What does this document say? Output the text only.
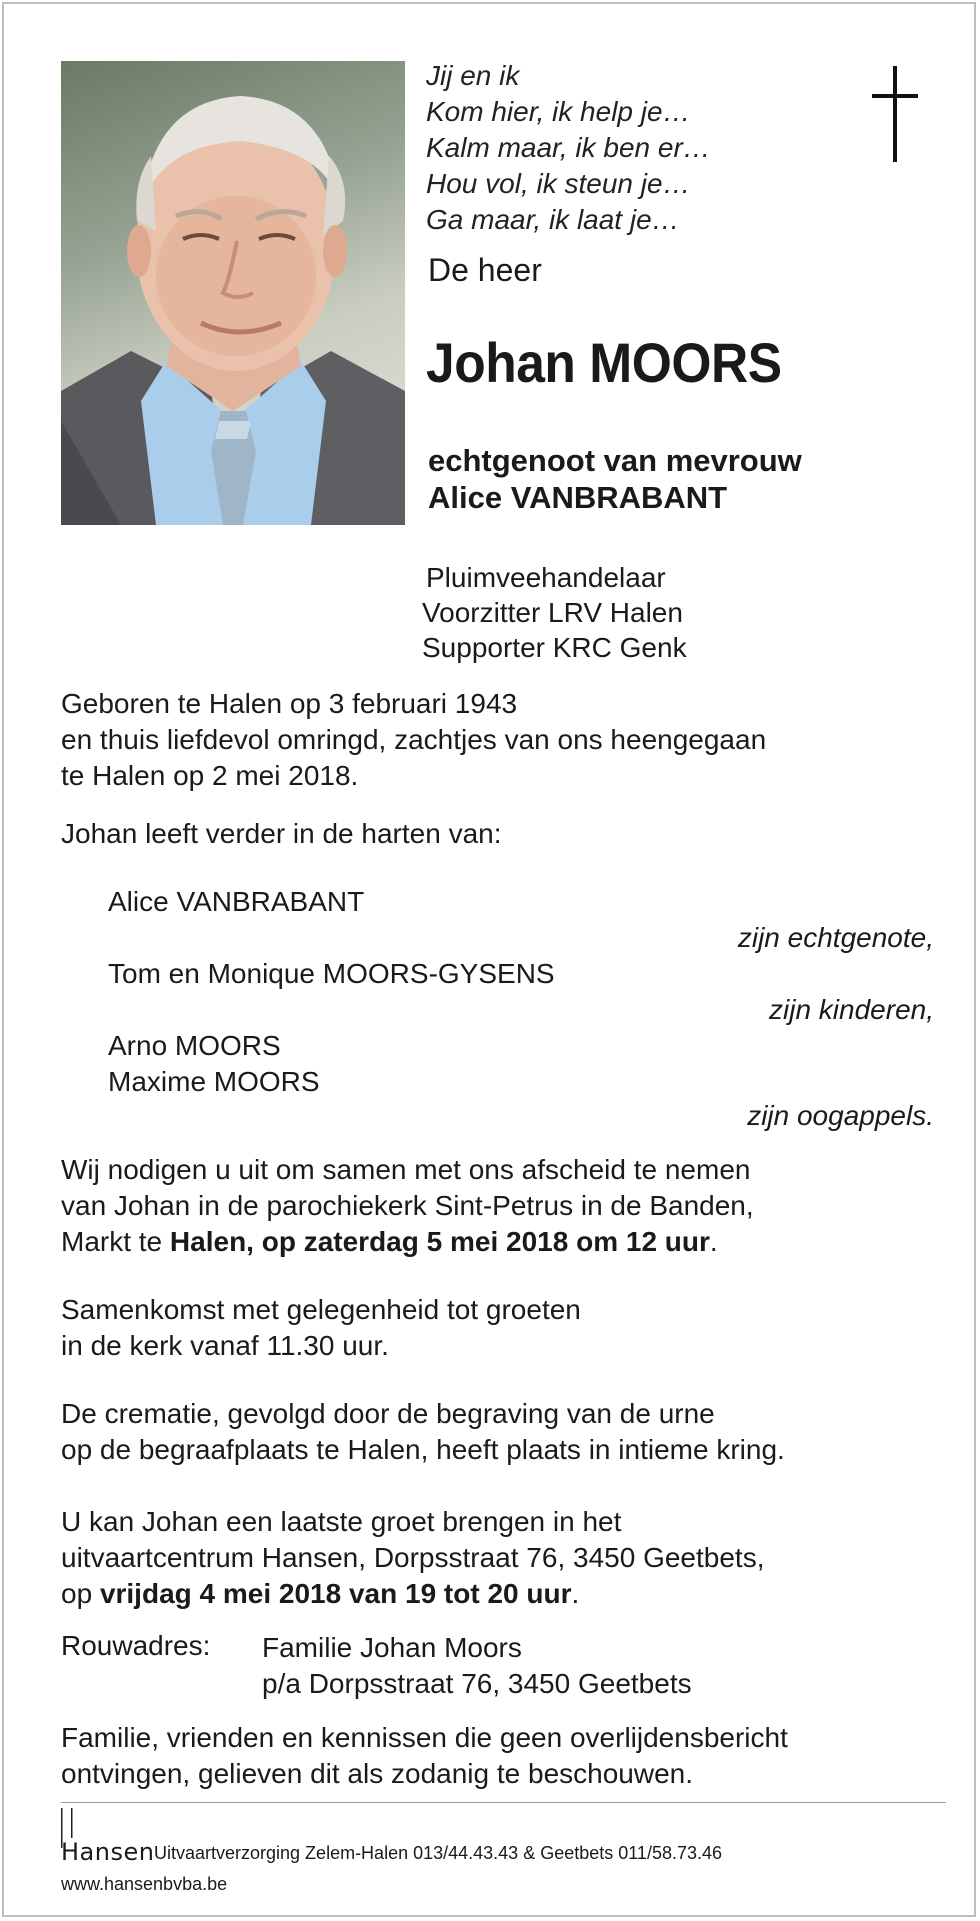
Jij en ik
Kom hier, ik help je…
Kalm maar, ik ben er…
Hou vol, ik steun je…
Ga maar, ik laat je…
De heer
Johan MOORS
echtgenoot van mevrouw
Alice VANBRABANT
Pluimveehandelaar
Voorzitter LRV Halen
Supporter KRC Genk
Geboren te Halen op 3 februari 1943
en thuis liefdevol omringd, zachtjes van ons heengegaan
te Halen op 2 mei 2018.
Johan leeft verder in de harten van:
Alice VANBRABANT
zijn echtgenote,
Tom en Monique MOORS-GYSENS
zijn kinderen,
Arno MOORS
Maxime MOORS
zijn oogappels.
Wij nodigen u uit om samen met ons afscheid te nemen
van Johan in de parochiekerk Sint-Petrus in de Banden,
Markt te Halen, op zaterdag 5 mei 2018 om 12 uur.
Samenkomst met gelegenheid tot groeten
in de kerk vanaf 11.30 uur.
De crematie, gevolgd door de begraving van de urne
op de begraafplaats te Halen, heeft plaats in intieme kring.
U kan Johan een laatste groet brengen in het
uitvaartcentrum Hansen, Dorpsstraat 76, 3450 Geetbets,
op vrijdag 4 mei 2018 van 19 tot 20 uur.
Rouwadres: Familie Johan Moors
p/a Dorpsstraat 76, 3450 Geetbets
Familie, vrienden en kennissen die geen overlijdensbericht
ontvingen, gelieven dit als zodanig te beschouwen.
Hansen Uitvaartverzorging Zelem-Halen 013/44.43.43 & Geetbets 011/58.73.46
www.hansenbvba.be
